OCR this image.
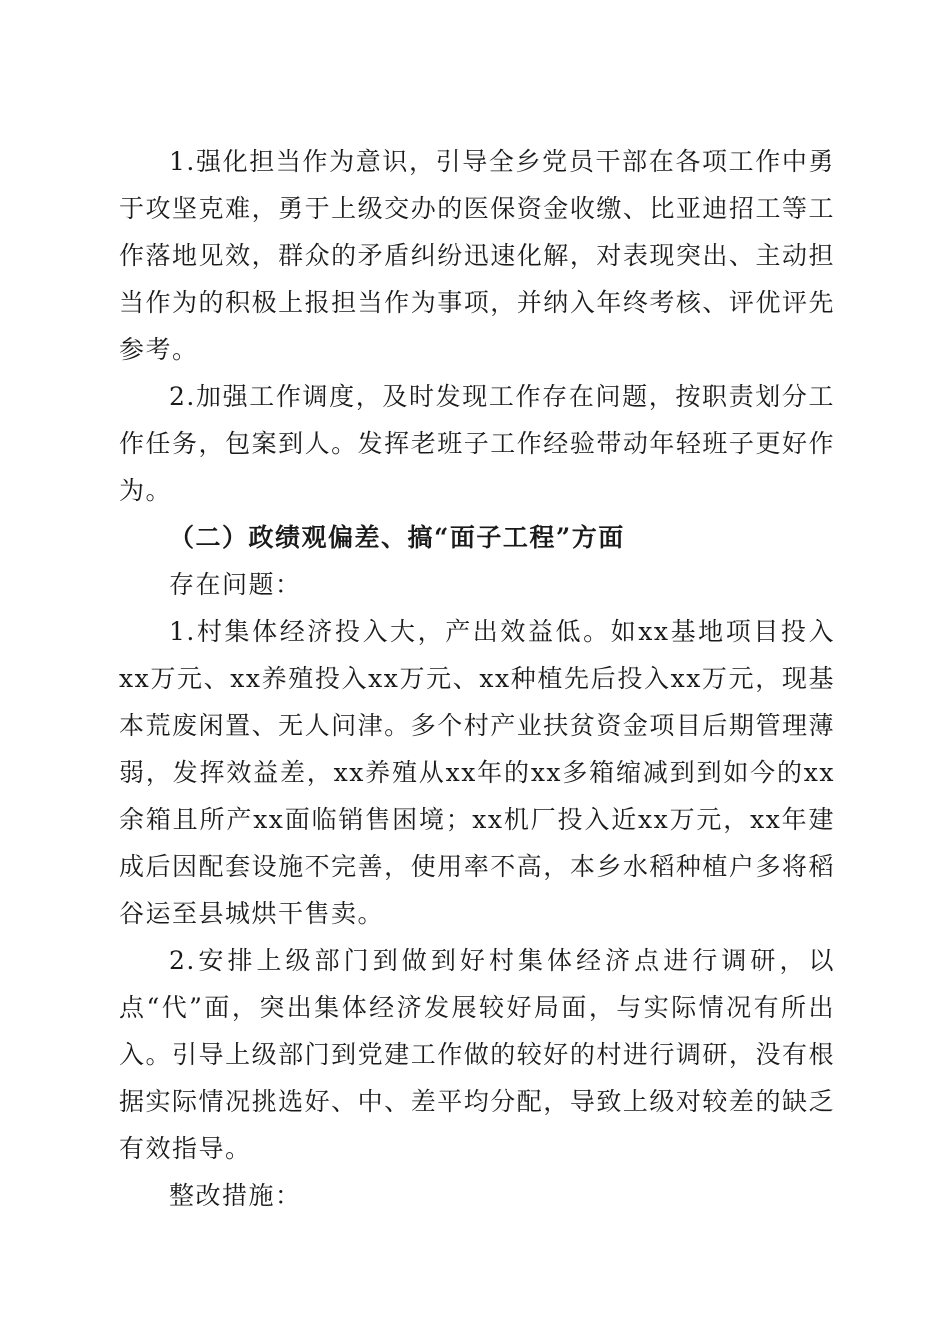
1.强化担当作为意识，引导全乡党员干部在各项工作中勇于攻坚克难，勇于上级交办的医保资金收缴、比亚迪招工等工作落地见效，群众的矛盾纠纷迅速化解，对表现突出、主动担当作为的积极上报担当作为事项，并纳入年终考核、评优评先参考。

2.加强工作调度，及时发现工作存在问题，按职责划分工作任务，包案到人。发挥老班子工作经验带动年轻班子更好作为。

（二）政绩观偏差、搞“面子工程”方面

存在问题：

1.村集体经济投入大，产出效益低。如xx基地项目投入xx万元、xx养殖投入xx万元、xx种植先后投入xx万元，现基本荒废闲置、无人问津。多个村产业扶贫资金项目后期管理薄弱，发挥效益差，xx养殖从xx年的xx多箱缩减到到如今的xx余箱且所产xx面临销售困境；xx机厂投入近xx万元，xx年建成后因配套设施不完善，使用率不高，本乡水稻种植户多将稻谷运至县城烘干售卖。

2.安排上级部门到做到好村集体经济点进行调研，以点“代”面，突出集体经济发展较好局面，与实际情况有所出入。引导上级部门到党建工作做的较好的村进行调研，没有根据实际情况挑选好、中、差平均分配，导致上级对较差的缺乏有效指导。

整改措施：
